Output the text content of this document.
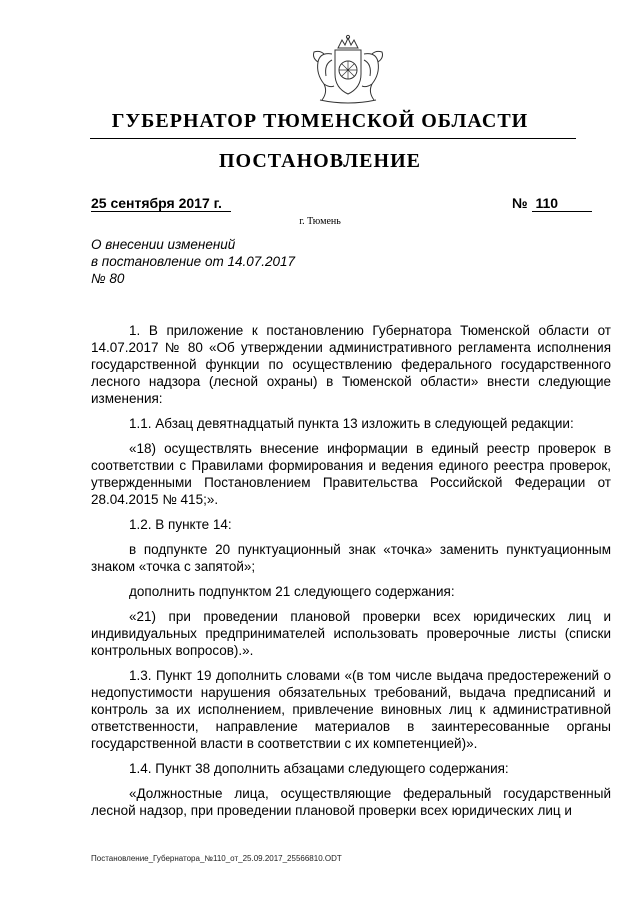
ГУБЕРНАТОР ТЮМЕНСКОЙ ОБЛАСТИ
ПОСТАНОВЛЕНИЕ
25 сентября 2017 г.	№ 110
г. Тюмень
О внесении изменений
в постановление от 14.07.2017
№ 80

1. В приложение к постановлению Губернатора Тюменской области от 14.07.2017 № 80 «Об утверждении административного регламента исполнения государственной функции по осуществлению федерального государственного лесного надзора (лесной охраны) в Тюменской области» внести следующие изменения:

1.1. Абзац девятнадцатый пункта 13 изложить в следующей редакции:

«18) осуществлять внесение информации в единый реестр проверок в соответствии с Правилами формирования и ведения единого реестра проверок, утвержденными Постановлением Правительства Российской Федерации от 28.04.2015 № 415;».

1.2. В пункте 14:

в подпункте 20 пунктуационный знак «точка» заменить пунктуационным знаком «точка с запятой»;

дополнить подпунктом 21 следующего содержания:

«21) при проведении плановой проверки всех юридических лиц и индивидуальных предпринимателей использовать проверочные листы (списки контрольных вопросов).».

1.3. Пункт 19 дополнить словами «(в том числе выдача предостережений о недопустимости нарушения обязательных требований, выдача предписаний и контроль за их исполнением, привлечение виновных лиц к административной ответственности, направление материалов в заинтересованные органы государственной власти в соответствии с их компетенцией)».

1.4. Пункт 38 дополнить абзацами следующего содержания:

«Должностные лица, осуществляющие федеральный государственный лесной надзор, при проведении плановой проверки всех юридических лиц и

Постановление_Губернатора_№110_от_25.09.2017_25566810.ODT
